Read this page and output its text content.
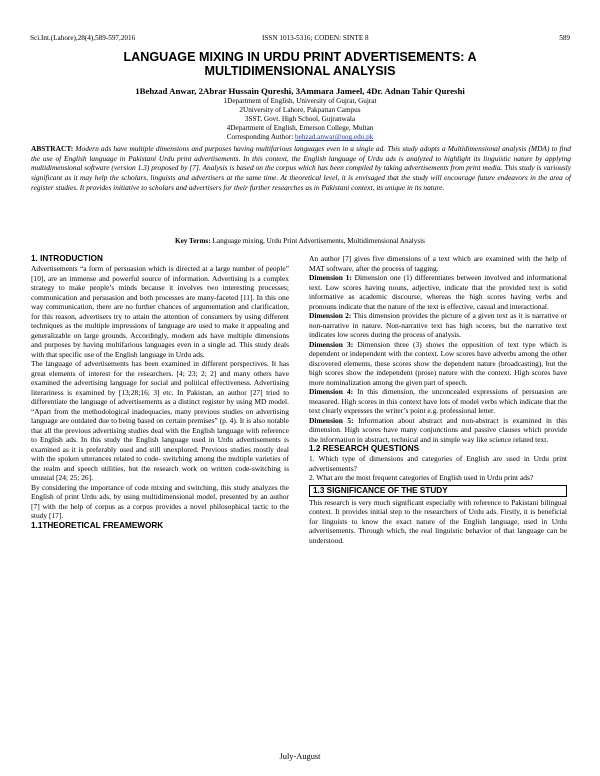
Sci.Int.(Lahore),28(4),589-597,2016	ISSN 1013-5316; CODEN: SINTE 8	589
LANGUAGE MIXING IN URDU PRINT ADVERTISEMENTS: A MULTIDIMENSIONAL ANALYSIS
1Behzad Anwar, 2Abrar Hussain Qureshi, 3Ammara Jameel, 4Dr. Adnan Tahir Qureshi
1Department of English, University of Gujrat, Gujrat
2University of Lahore, Pakpattan Campus
3SST, Govt. High School, Gujranwala
4Department of English, Emerson College, Multan
Corresponding Author: behzad.anwar@uog.edu.pk
ABSTRACT: Modern ads have multiple dimensions and purposes having multifarious languages even in a single ad. This study adopts a Multidimensional analysis (MDA) to find the use of English language in Pakistani Urdu print advertisements. In this context, the English language of Urdu ads is analyzed to highlight its linguistic nature by applying multidimensional software (version 1.3) proposed by [7]. Analysis is based on the corpus which has been compiled by taking advertisements from print media. This study is variously significant as it may help the scholars, linguists and advertisers at the same time. At theoretical level, it is envisaged that the study will encourage future endeavors in the area of register studies. It provides initiative to scholars and advertisers for their further researches as in Pakistani context, its unique in its nature.
Key Terms: Language mixing, Urdu Print Advertisements, Multidimensional Analysis
1. INTRODUCTION

Advertisements “a form of persuasion which is directed at a large number of people” [10], are an immense and powerful source of information. Advertising is a complex strategy to make people’s minds because it involves two interesting processes; communication and persuasion and both processes are many-faceted [11]. In this one way communication, there are no further chances of argumentation and clarification, for this reason, advertisers try to attain the attention of consumers by using different techniques as the multiple impressions of language are used to make it appealing and generalizable on large grounds. Accordingly, modern ads have multiple dimensions and purposes by having multifarious languages even in a single ad. This study deals with that specific use of the English language in Urdu ads.

The language of advertisements has been examined in different perspectives. It has great elements of interest for the researchers. [4; 23; 2; 2] and many others have examined the advertising language for social and political effectiveness. Advertising literariness is examined by [13;28;16; 3] etc. In Pakistan, an author [27] tried to differentiate the language of advertisements as a distinct register by using MD model. “Apart from the methodological inadequacies, many previous studies on advertising language are outdated due to being based on certain premises” (p. 4). It is also notable that all the previous advertising studies deal with the English language with reference to English ads. In this study the English language used in Urdu advertisements is examined as it is preferably used and still unexplored. Previous studies mostly deal with the spoken utterances related to code- switching among the multiple varieties of the realm and speech utilities, but the research work on written code-switching is unusual [24; 25; 26].

By considering the importance of code mixing and switching, this study analyzes the English of print Urdu ads, by using multidimensional model, presented by an author [7] with the help of corpus as a corpus provides a novel philosophical tactic to the study [17].

1.1THEORETICAL FREAMEWORK

An author [7] gives five dimensions of a text which are examined with the help of MAT software, after the process of tagging.

Dimension 1: Dimension one (1) differentiates between involved and informational text. Low scores having nouns, adjective, indicate that the provided text is solid informative as academic discourse, whereas the high scores having verbs and pronouns indicate that the nature of the text is effective, casual and interactional.

Dimension 2: This dimension provides the picture of a given text as it is narrative or non-narrative in nature. Non-narrative text has high scores, but the narrative text indicates low scores during the process of analysis.

Dimension 3: Dimension three (3) shows the opposition of text type which is dependent or independent with the context. Low scores have adverbs among the other discovered elements, these scores show the dependent nature (broadcasting), but the high scores show the independent (prose) nature with the context. High scores have more nominalization among the given part of speech.

Dimension 4: In this dimension, the unconcealed expressions of persuasion are measured. High scores in this context have lots of model verbs which indicate that the text clearly expresses the writer’s point e.g. professional letter.

Dimension 5: Information about abstract and non-abstract is examined in this dimension. High scores have many conjunctions and passive clauses which provide the information in abstract, technical and in simple way like science related text.

1.2 RESEARCH QUESTIONS

1. Which type of dimensions and categories of English are used in Urdu print advertisements?

2. What are the most frequent categories of English used in Urdu print ads?

1.3 SIGNIFICANCE OF THE STUDY

This research is very much significant especially with reference to Pakistani bilingual context. It provides initial step to the researchers of Urdu ads. Firstly, it is beneficial for linguists to know the exact nature of the English language, used in Urdu advertisements. Through which, the real linguistic behavior of that language can be understood.

July-August
